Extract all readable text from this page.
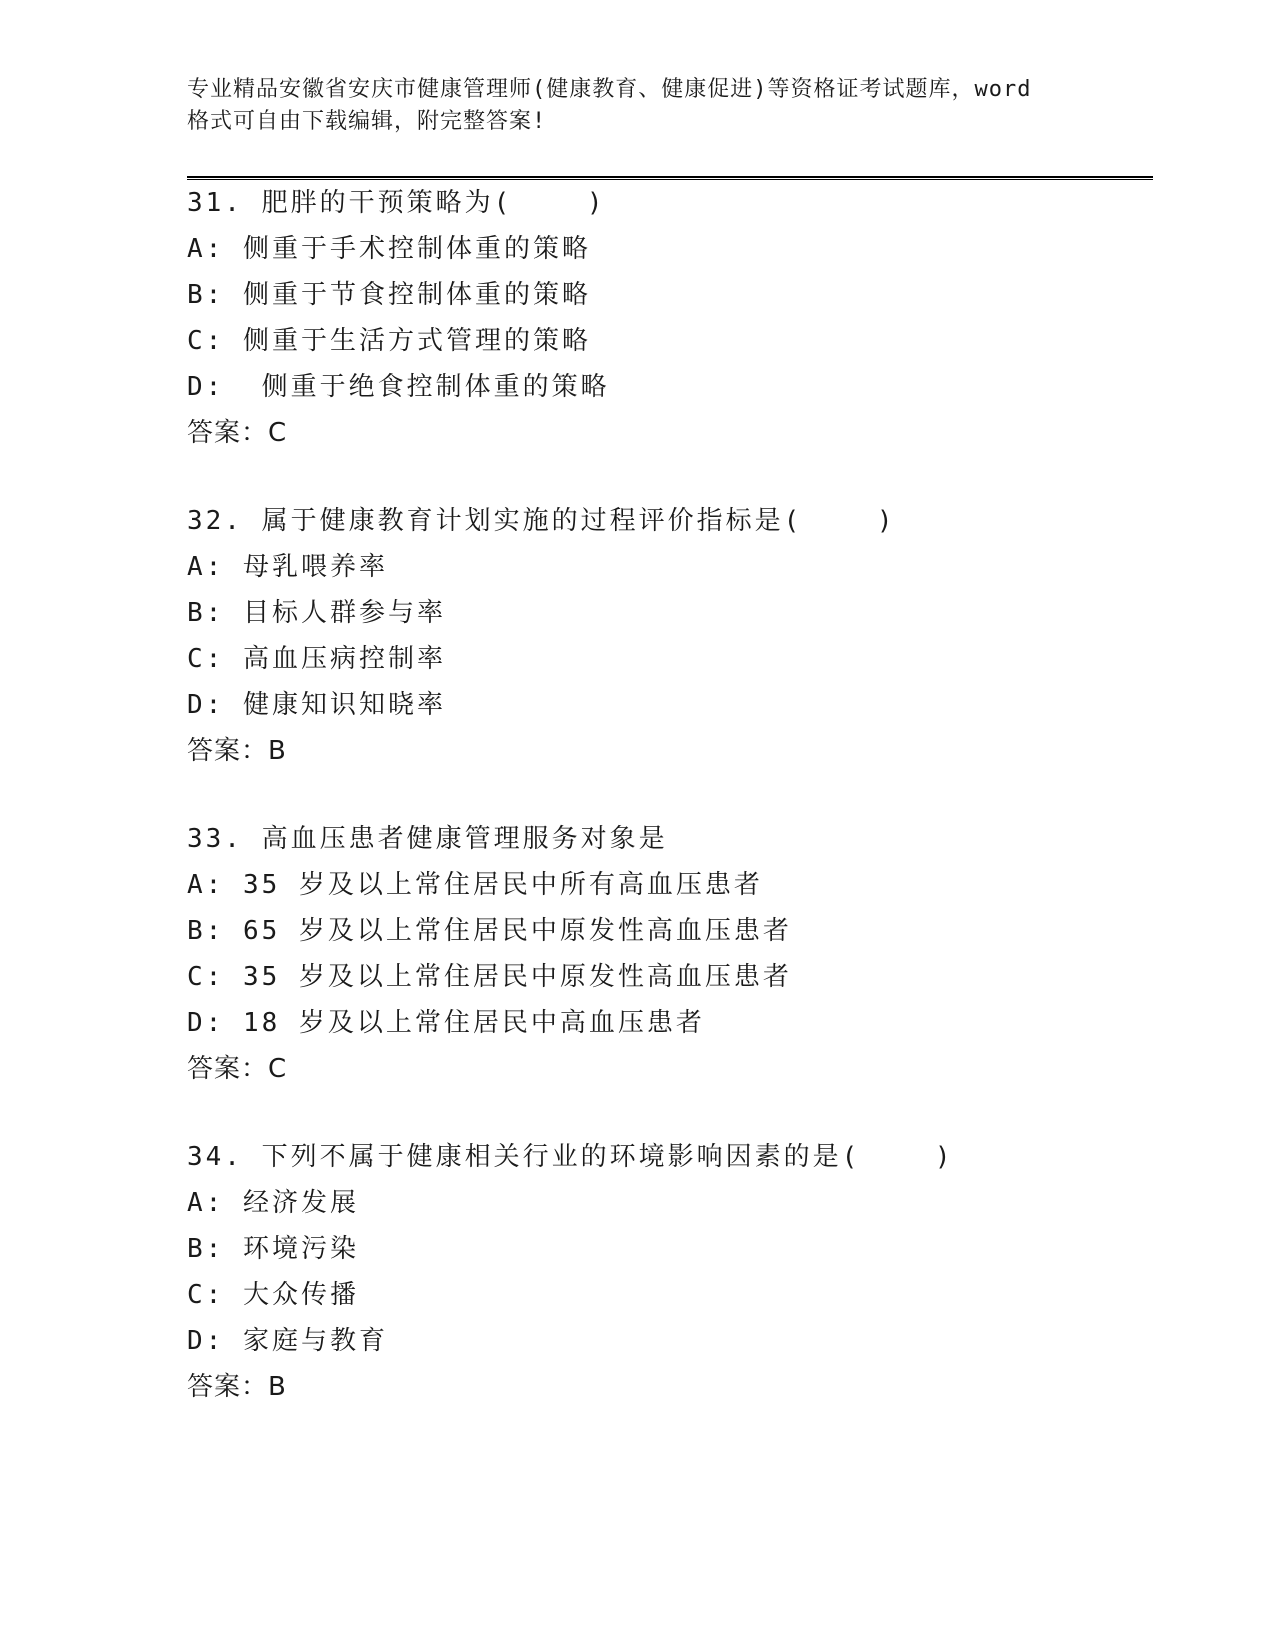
专业精品安徽省安庆市健康管理师(健康教育、健康促进)等资格证考试题库，word
格式可自由下载编辑，附完整答案!
31. 肥胖的干预策略为(    )
A: 侧重于手术控制体重的策略
B: 侧重于节食控制体重的策略
C: 侧重于生活方式管理的策略
D:  侧重于绝食控制体重的策略
答案：C
32. 属于健康教育计划实施的过程评价指标是(    )
A: 母乳喂养率
B: 目标人群参与率
C: 高血压病控制率
D: 健康知识知晓率
答案：B
33. 高血压患者健康管理服务对象是
A: 35 岁及以上常住居民中所有高血压患者
B: 65 岁及以上常住居民中原发性高血压患者
C: 35 岁及以上常住居民中原发性高血压患者
D: 18 岁及以上常住居民中高血压患者
答案：C
34. 下列不属于健康相关行业的环境影响因素的是(    )
A: 经济发展
B: 环境污染
C: 大众传播
D: 家庭与教育
答案：B
